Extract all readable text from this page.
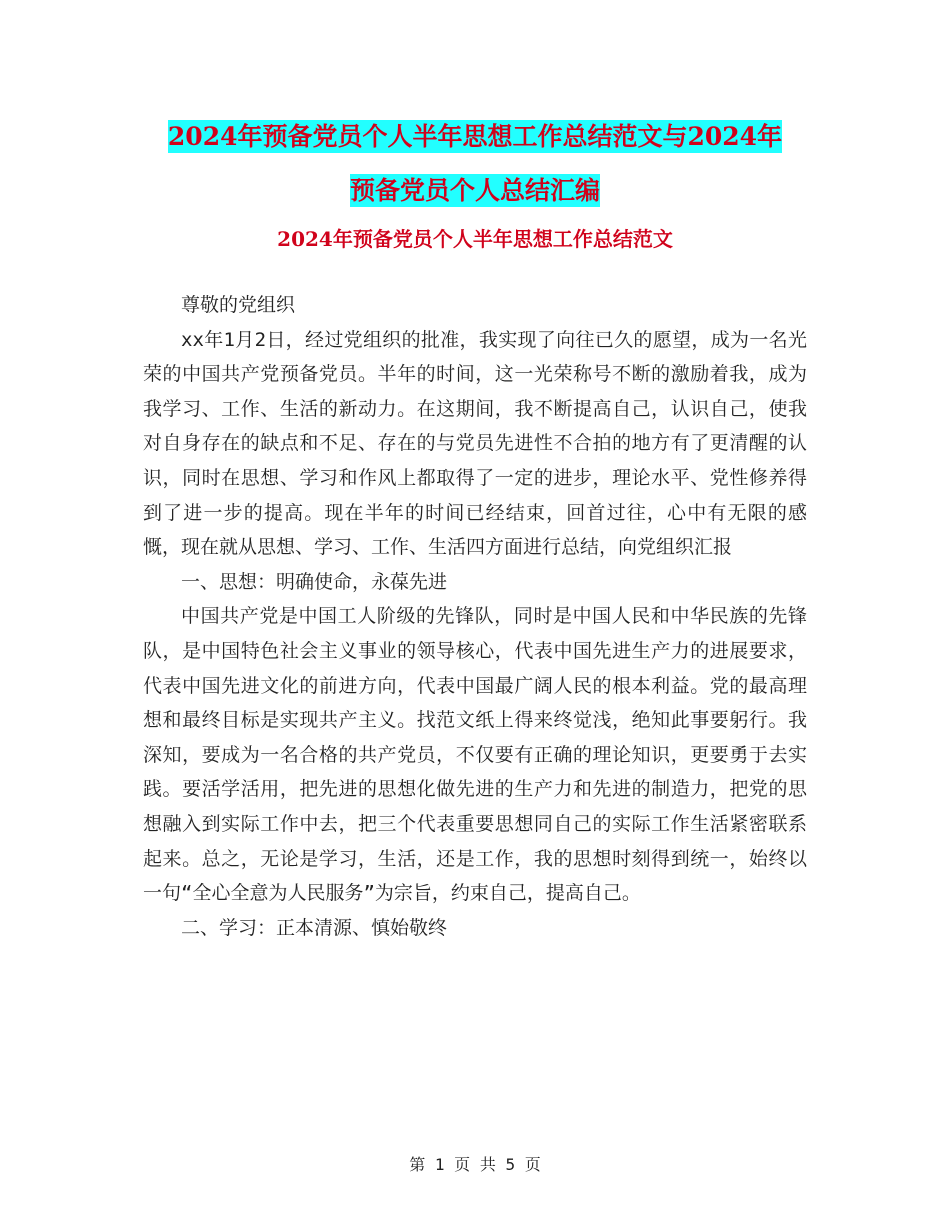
2024年预备党员个人半年思想工作总结范文与2024年
预备党员个人总结汇编
2024年预备党员个人半年思想工作总结范文

尊敬的党组织

xx年1月2日，经过党组织的批准，我实现了向往已久的愿望，成为一名光荣的中国共产党预备党员。半年的时间，这一光荣称号不断的激励着我，成为我学习、工作、生活的新动力。在这期间，我不断提高自己，认识自己，使我对自身存在的缺点和不足、存在的与党员先进性不合拍的地方有了更清醒的认识，同时在思想、学习和作风上都取得了一定的进步，理论水平、党性修养得到了进一步的提高。现在半年的时间已经结束，回首过往，心中有无限的感慨，现在就从思想、学习、工作、生活四方面进行总结，向党组织汇报

一、思想：明确使命，永葆先进

中国共产党是中国工人阶级的先锋队，同时是中国人民和中华民族的先锋队，是中国特色社会主义事业的领导核心，代表中国先进生产力的进展要求，代表中国先进文化的前进方向，代表中国最广阔人民的根本利益。党的最高理想和最终目标是实现共产主义。找范文纸上得来终觉浅，绝知此事要躬行。我深知，要成为一名合格的共产党员，不仅要有正确的理论知识，更要勇于去实践。要活学活用，把先进的思想化做先进的生产力和先进的制造力，把党的思想融入到实际工作中去，把三个代表重要思想同自己的实际工作生活紧密联系起来。总之，无论是学习，生活，还是工作，我的思想时刻得到统一，始终以一句“全心全意为人民服务”为宗旨，约束自己，提高自己。

二、学习：正本清源、慎始敬终

第 1 页 共 5 页
